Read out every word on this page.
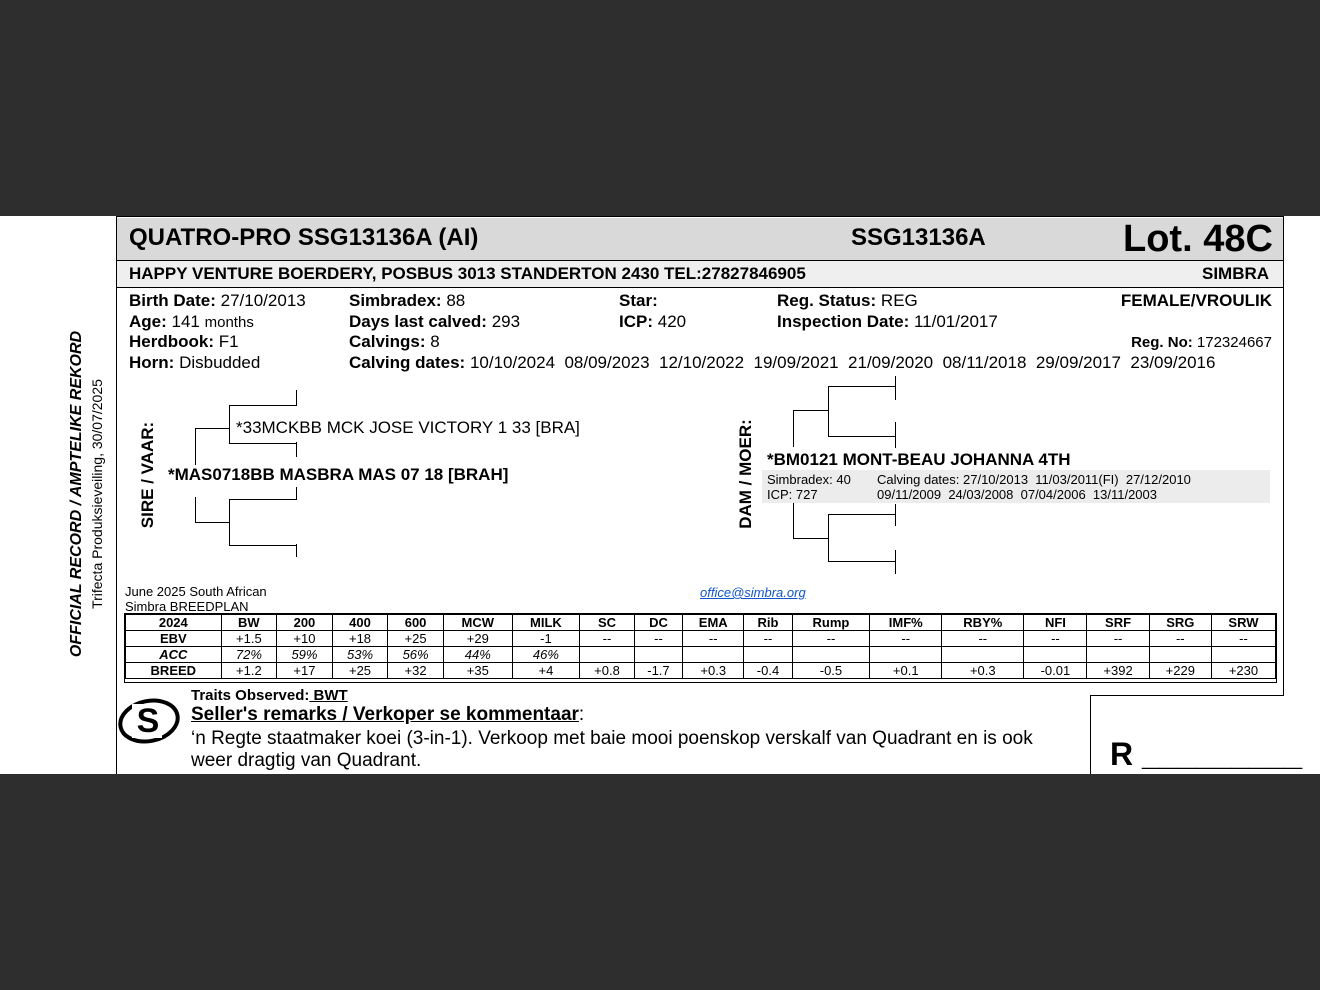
OFFICIAL RECORD / AMPTELIKE REKORD Trifecta Produksieveiling, 30/07/2025
QUATRO-PRO SSG13136A (AI)	SSG13136A	Lot. 48C
HAPPY VENTURE BOERDERY, POSBUS 3013 STANDERTON 2430 TEL:27827846905	SIMBRA
Birth Date: 27/10/2013
Age: 141 months
Herdbook: F1
Horn: Disbudded
Simbradex: 88
Days last calved: 293
Calvings: 8
Calving dates: 10/10/2024  08/09/2023  12/10/2022  19/09/2021  21/09/2020  08/11/2018  29/09/2017  23/09/2016
Star:
ICP: 420
Reg. Status: REG
Inspection Date: 11/01/2017
FEMALE/VROULIK
Reg. No: 172324667
SIRE / VAAR:	*33MCKBB MCK JOSE VICTORY 1 33 [BRA]
*MAS0718BB MASBRA MAS 07 18 [BRAH]	DAM / MOER: *BM0121 MONT-BEAU JOHANNA 4TH
Simbradex: 40
ICP: 727
Calving dates: 27/10/2013  11/03/2011(FI)  27/12/2010
09/11/2009  24/03/2008  07/04/2006  13/11/2003
June 2025 South African
Simbra BREEDPLAN
office@simbra.org
2024	BW	200	400	600	MCW	MILK	SC	DC	EMA	Rib	Rump	IMF%	RBY%	NFI	SRF	SRG	SRW
EBV	+1.5	+10	+18	+25	+29	-1	--	--	--	--	--	--	--	--	--	--	--
ACC	72%	59%	53%	56%	44%	46%											
BREED	+1.2	+17	+25	+32	+35	+4	+0.8	-1.7	+0.3	-0.4	-0.5	+0.1	+0.3	-0.01	+392	+229	+230
S
Traits Observed: BWT
Seller's remarks / Verkoper se kommentaar:
‘n Regte staatmaker koei (3-in-1). Verkoop met baie mooi poenskop verskalf van Quadrant en is ook
weer dragtig van Quadrant.	R _________
